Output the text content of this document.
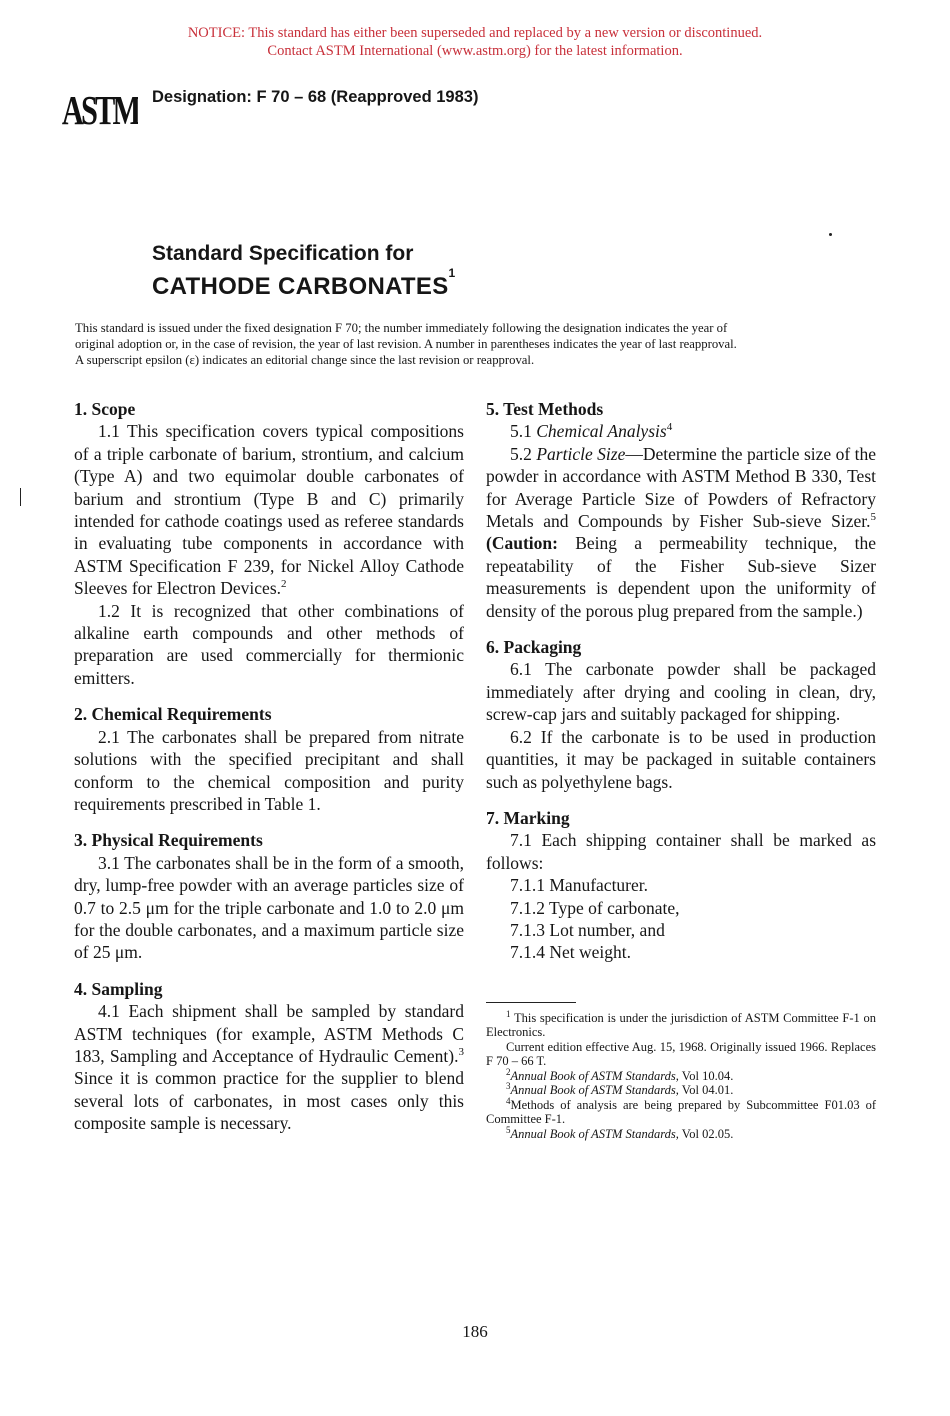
NOTICE: This standard has either been superseded and replaced by a new version or discontinued.
Contact ASTM International (www.astm.org) for the latest information.
ASTM Designation: F 70 – 68 (Reapproved 1983)
Standard Specification for
CATHODE CARBONATES$^1$
This standard is issued under the fixed designation F 70; the number immediately following the designation indicates the year of
original adoption or, in the case of revision, the year of last revision. A number in parentheses indicates the year of last reapproval.
A superscript epsilon (ε) indicates an editorial change since the last revision or reapproval.

1. Scope

1.1 This specification covers typical compositions of a triple carbonate of barium, strontium, and calcium (Type A) and two equimolar double carbonates of barium and strontium (Type B and C) primarily intended for cathode coatings used as referee standards in evaluating tube components in accordance with ASTM Specification F 239, for Nickel Alloy Cathode Sleeves for Electron Devices.$^2$

1.2 It is recognized that other combinations of alkaline earth compounds and other methods of preparation are used commercially for thermionic emitters.

2. Chemical Requirements

2.1 The carbonates shall be prepared from nitrate solutions with the specified precipitant and shall conform to the chemical composition and purity requirements prescribed in Table 1.

3. Physical Requirements

3.1 The carbonates shall be in the form of a smooth, dry, lump-free powder with an average particles size of 0.7 to 2.5 μm for the triple carbonate and 1.0 to 2.0 μm for the double carbonates, and a maximum particle size of 25 μm.

4. Sampling

4.1 Each shipment shall be sampled by standard ASTM techniques (for example, ASTM Methods C 183, Sampling and Acceptance of Hydraulic Cement).$^3$ Since it is common practice for the supplier to blend several lots of carbonates, in most cases only this composite sample is necessary.

5. Test Methods

5.1 Chemical Analysis$^4$

5.2 Particle Size—Determine the particle size of the powder in accordance with ASTM Method B 330, Test for Average Particle Size of Powders of Refractory Metals and Compounds by Fisher Sub-sieve Sizer.$^5$ (Caution: Being a permeability technique, the repeatability of the Fisher Sub-sieve Sizer measurements is dependent upon the uniformity of density of the porous plug prepared from the sample.)

6. Packaging

6.1 The carbonate powder shall be packaged immediately after drying and cooling in clean, dry, screw-cap jars and suitably packaged for shipping.

6.2 If the carbonate is to be used in production quantities, it may be packaged in suitable containers such as polyethylene bags.

7. Marking

7.1 Each shipping container shall be marked as follows:

7.1.1 Manufacturer.

7.1.2 Type of carbonate,

7.1.3 Lot number, and

7.1.4 Net weight.

$^1$ This specification is under the jurisdiction of ASTM Committee F-1 on Electronics.

Current edition effective Aug. 15, 1968. Originally issued 1966. Replaces F 70 – 66 T.

$^2$Annual Book of ASTM Standards, Vol 10.04.

$^3$Annual Book of ASTM Standards, Vol 04.01.

$^4$Methods of analysis are being prepared by Subcommittee F01.03 of Committee F-1.

$^5$Annual Book of ASTM Standards, Vol 02.05.

186
